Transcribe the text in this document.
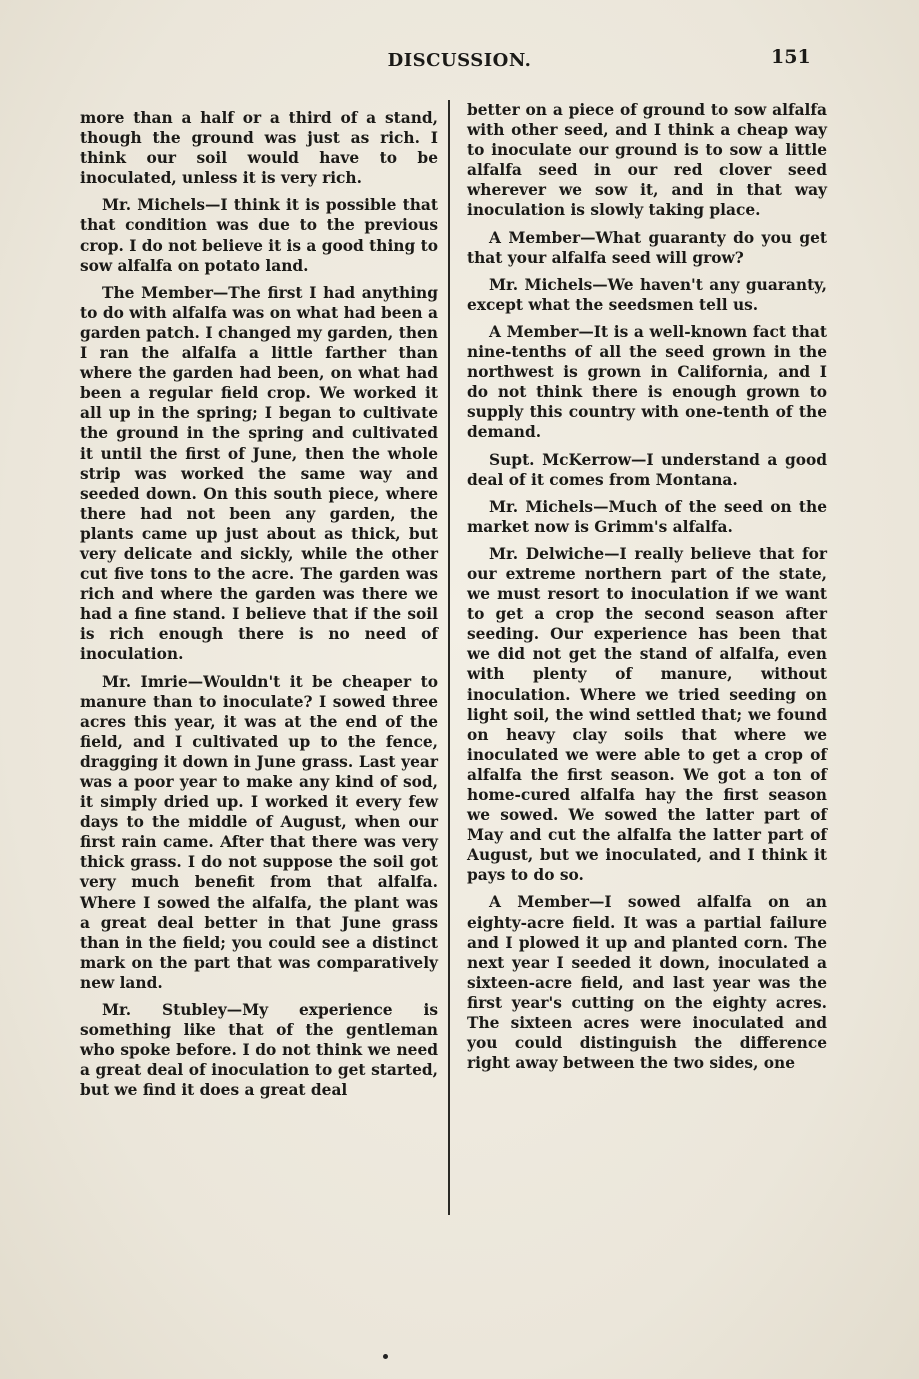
DISCUSSION.	151

more than a half or a third of a stand, though the ground was just as rich. I think our soil would have to be inoculated, unless it is very rich.

Mr. Michels—I think it is possible that that condition was due to the previous crop. I do not believe it is a good thing to sow alfalfa on potato land.

The Member—The first I had anything to do with alfalfa was on what had been a garden patch. I changed my garden, then I ran the alfalfa a little farther than where the garden had been, on what had been a regular field crop. We worked it all up in the spring; I began to cultivate the ground in the spring and cultivated it until the first of June, then the whole strip was worked the same way and seeded down. On this south piece, where there had not been any garden, the plants came up just about as thick, but very delicate and sickly, while the other cut five tons to the acre. The garden was rich and where the garden was there we had a fine stand. I believe that if the soil is rich enough there is no need of inoculation.

Mr. Imrie—Wouldn't it be cheaper to manure than to inoculate? I sowed three acres this year, it was at the end of the field, and I cultivated up to the fence, dragging it down in June grass. Last year was a poor year to make any kind of sod, it simply dried up. I worked it every few days to the middle of August, when our first rain came. After that there was very thick grass. I do not suppose the soil got very much benefit from that alfalfa. Where I sowed the alfalfa, the plant was a great deal better in that June grass than in the field; you could see a distinct mark on the part that was comparatively new land.

Mr. Stubley—My experience is something like that of the gentleman who spoke before. I do not think we need a great deal of inoculation to get started, but we find it does a great deal

better on a piece of ground to sow alfalfa with other seed, and I think a cheap way to inoculate our ground is to sow a little alfalfa seed in our red clover seed wherever we sow it, and in that way inoculation is slowly taking place.

A Member—What guaranty do you get that your alfalfa seed will grow?

Mr. Michels—We haven't any guaranty, except what the seedsmen tell us.

A Member—It is a well-known fact that nine-tenths of all the seed grown in the northwest is grown in California, and I do not think there is enough grown to supply this country with one-tenth of the demand.

Supt. McKerrow—I understand a good deal of it comes from Montana.

Mr. Michels—Much of the seed on the market now is Grimm's alfalfa.

Mr. Delwiche—I really believe that for our extreme northern part of the state, we must resort to inoculation if we want to get a crop the second season after seeding. Our experience has been that we did not get the stand of alfalfa, even with plenty of manure, without inoculation. Where we tried seeding on light soil, the wind settled that; we found on heavy clay soils that where we inoculated we were able to get a crop of alfalfa the first season. We got a ton of home-cured alfalfa hay the first season we sowed. We sowed the latter part of May and cut the alfalfa the latter part of August, but we inoculated, and I think it pays to do so.

A Member—I sowed alfalfa on an eighty-acre field. It was a partial failure and I plowed it up and planted corn. The next year I seeded it down, inoculated a sixteen-acre field, and last year was the first year's cutting on the eighty acres. The sixteen acres were inoculated and you could distinguish the difference right away between the two sides, one
